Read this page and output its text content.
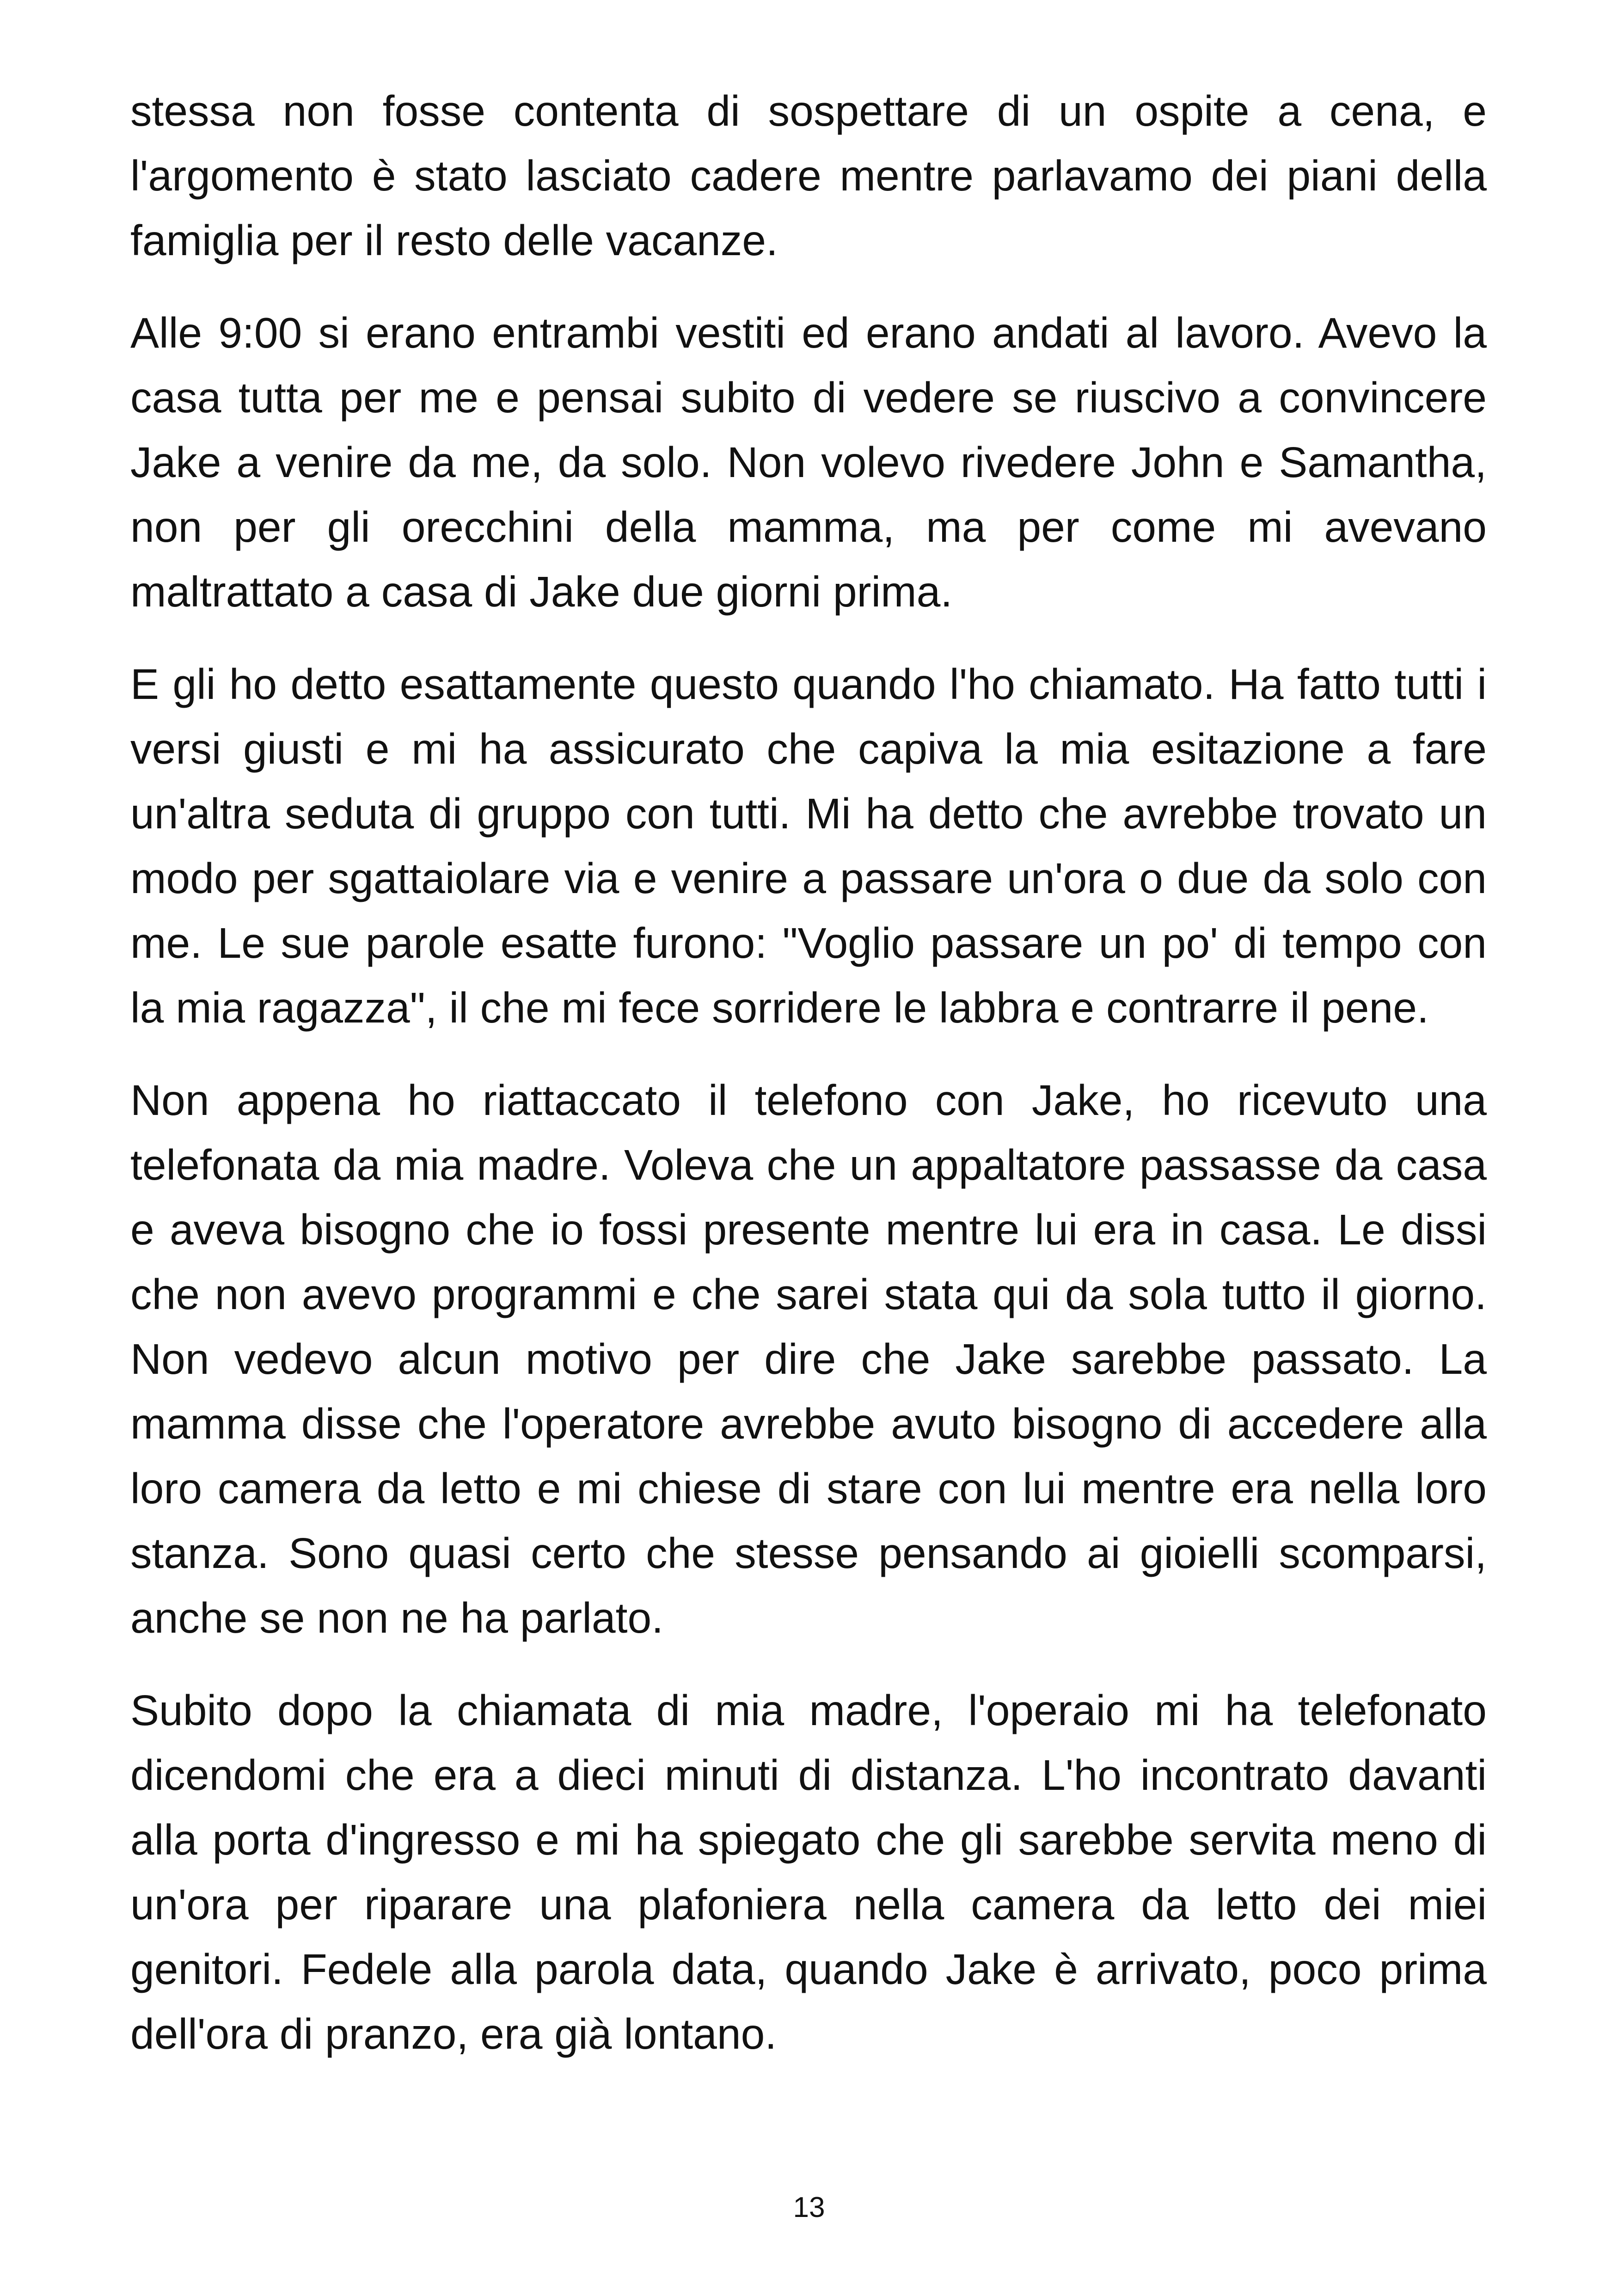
stessa non fosse contenta di sospettare di un ospite a cena, e l'argomento è stato lasciato cadere mentre parlavamo dei piani della famiglia per il resto delle vacanze.

Alle 9:00 si erano entrambi vestiti ed erano andati al lavoro. Avevo la casa tutta per me e pensai subito di vedere se riuscivo a convincere Jake a venire da me, da solo. Non volevo rivedere John e Samantha, non per gli orecchini della mamma, ma per come mi avevano maltrattato a casa di Jake due giorni prima.

E gli ho detto esattamente questo quando l'ho chiamato. Ha fatto tutti i versi giusti e mi ha assicurato che capiva la mia esitazione a fare un'altra seduta di gruppo con tutti. Mi ha detto che avrebbe trovato un modo per sgattaiolare via e venire a passare un'ora o due da solo con me. Le sue parole esatte furono: "Voglio passare un po' di tempo con la mia ragazza", il che mi fece sorridere le labbra e contrarre il pene.

Non appena ho riattaccato il telefono con Jake, ho ricevuto una telefonata da mia madre. Voleva che un appaltatore passasse da casa e aveva bisogno che io fossi presente mentre lui era in casa. Le dissi che non avevo programmi e che sarei stata qui da sola tutto il giorno. Non vedevo alcun motivo per dire che Jake sarebbe passato. La mamma disse che l'operatore avrebbe avuto bisogno di accedere alla loro camera da letto e mi chiese di stare con lui mentre era nella loro stanza. Sono quasi certo che stesse pensando ai gioielli scomparsi, anche se non ne ha parlato.

Subito dopo la chiamata di mia madre, l'operaio mi ha telefonato dicendomi che era a dieci minuti di distanza. L'ho incontrato davanti alla porta d'ingresso e mi ha spiegato che gli sarebbe servita meno di un'ora per riparare una plafoniera nella camera da letto dei miei genitori. Fedele alla parola data, quando Jake è arrivato, poco prima dell'ora di pranzo, era già lontano.

13
